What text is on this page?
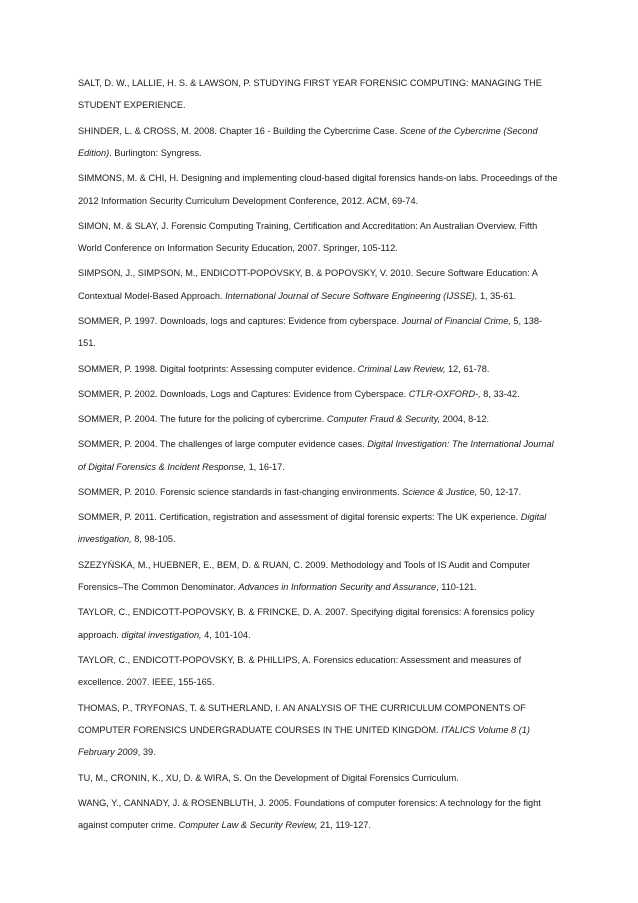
SALT, D. W., LALLIE, H. S. & LAWSON, P. STUDYING FIRST YEAR FORENSIC COMPUTING: MANAGING THE STUDENT EXPERIENCE.

SHINDER, L. & CROSS, M. 2008. Chapter 16 - Building the Cybercrime Case. Scene of the Cybercrime (Second Edition). Burlington: Syngress.

SIMMONS, M. & CHI, H. Designing and implementing cloud-based digital forensics hands-on labs. Proceedings of the 2012 Information Security Curriculum Development Conference, 2012. ACM, 69-74.

SIMON, M. & SLAY, J. Forensic Computing Training, Certification and Accreditation: An Australian Overview. Fifth World Conference on Information Security Education, 2007. Springer, 105-112.

SIMPSON, J., SIMPSON, M., ENDICOTT-POPOVSKY, B. & POPOVSKY, V. 2010. Secure Software Education: A Contextual Model-Based Approach. International Journal of Secure Software Engineering (IJSSE), 1, 35-61.

SOMMER, P. 1997. Downloads, logs and captures: Evidence from cyberspace. Journal of Financial Crime, 5, 138-151.

SOMMER, P. 1998. Digital footprints: Assessing computer evidence. Criminal Law Review, 12, 61-78.

SOMMER, P. 2002. Downloads, Logs and Captures: Evidence from Cyberspace. CTLR-OXFORD-, 8, 33-42.

SOMMER, P. 2004. The future for the policing of cybercrime. Computer Fraud & Security, 2004, 8-12.

SOMMER, P. 2004. The challenges of large computer evidence cases. Digital Investigation: The International Journal of Digital Forensics & Incident Response, 1, 16-17.

SOMMER, P. 2010. Forensic science standards in fast-changing environments. Science & Justice, 50, 12-17.

SOMMER, P. 2011. Certification, registration and assessment of digital forensic experts: The UK experience. Digital investigation, 8, 98-105.

SZEZYŃSKA, M., HUEBNER, E., BEM, D. & RUAN, C. 2009. Methodology and Tools of IS Audit and Computer Forensics–The Common Denominator. Advances in Information Security and Assurance, 110-121.

TAYLOR, C., ENDICOTT-POPOVSKY, B. & FRINCKE, D. A. 2007. Specifying digital forensics: A forensics policy approach. digital investigation, 4, 101-104.

TAYLOR, C., ENDICOTT-POPOVSKY, B. & PHILLIPS, A. Forensics education: Assessment and measures of excellence. 2007. IEEE, 155-165.

THOMAS, P., TRYFONAS, T. & SUTHERLAND, I. AN ANALYSIS OF THE CURRICULUM COMPONENTS OF COMPUTER FORENSICS UNDERGRADUATE COURSES IN THE UNITED KINGDOM. ITALICS Volume 8 (1) February 2009, 39.

TU, M., CRONIN, K., XU, D. & WIRA, S. On the Development of Digital Forensics Curriculum.

WANG, Y., CANNADY, J. & ROSENBLUTH, J. 2005. Foundations of computer forensics: A technology for the fight against computer crime. Computer Law & Security Review, 21, 119-127.
